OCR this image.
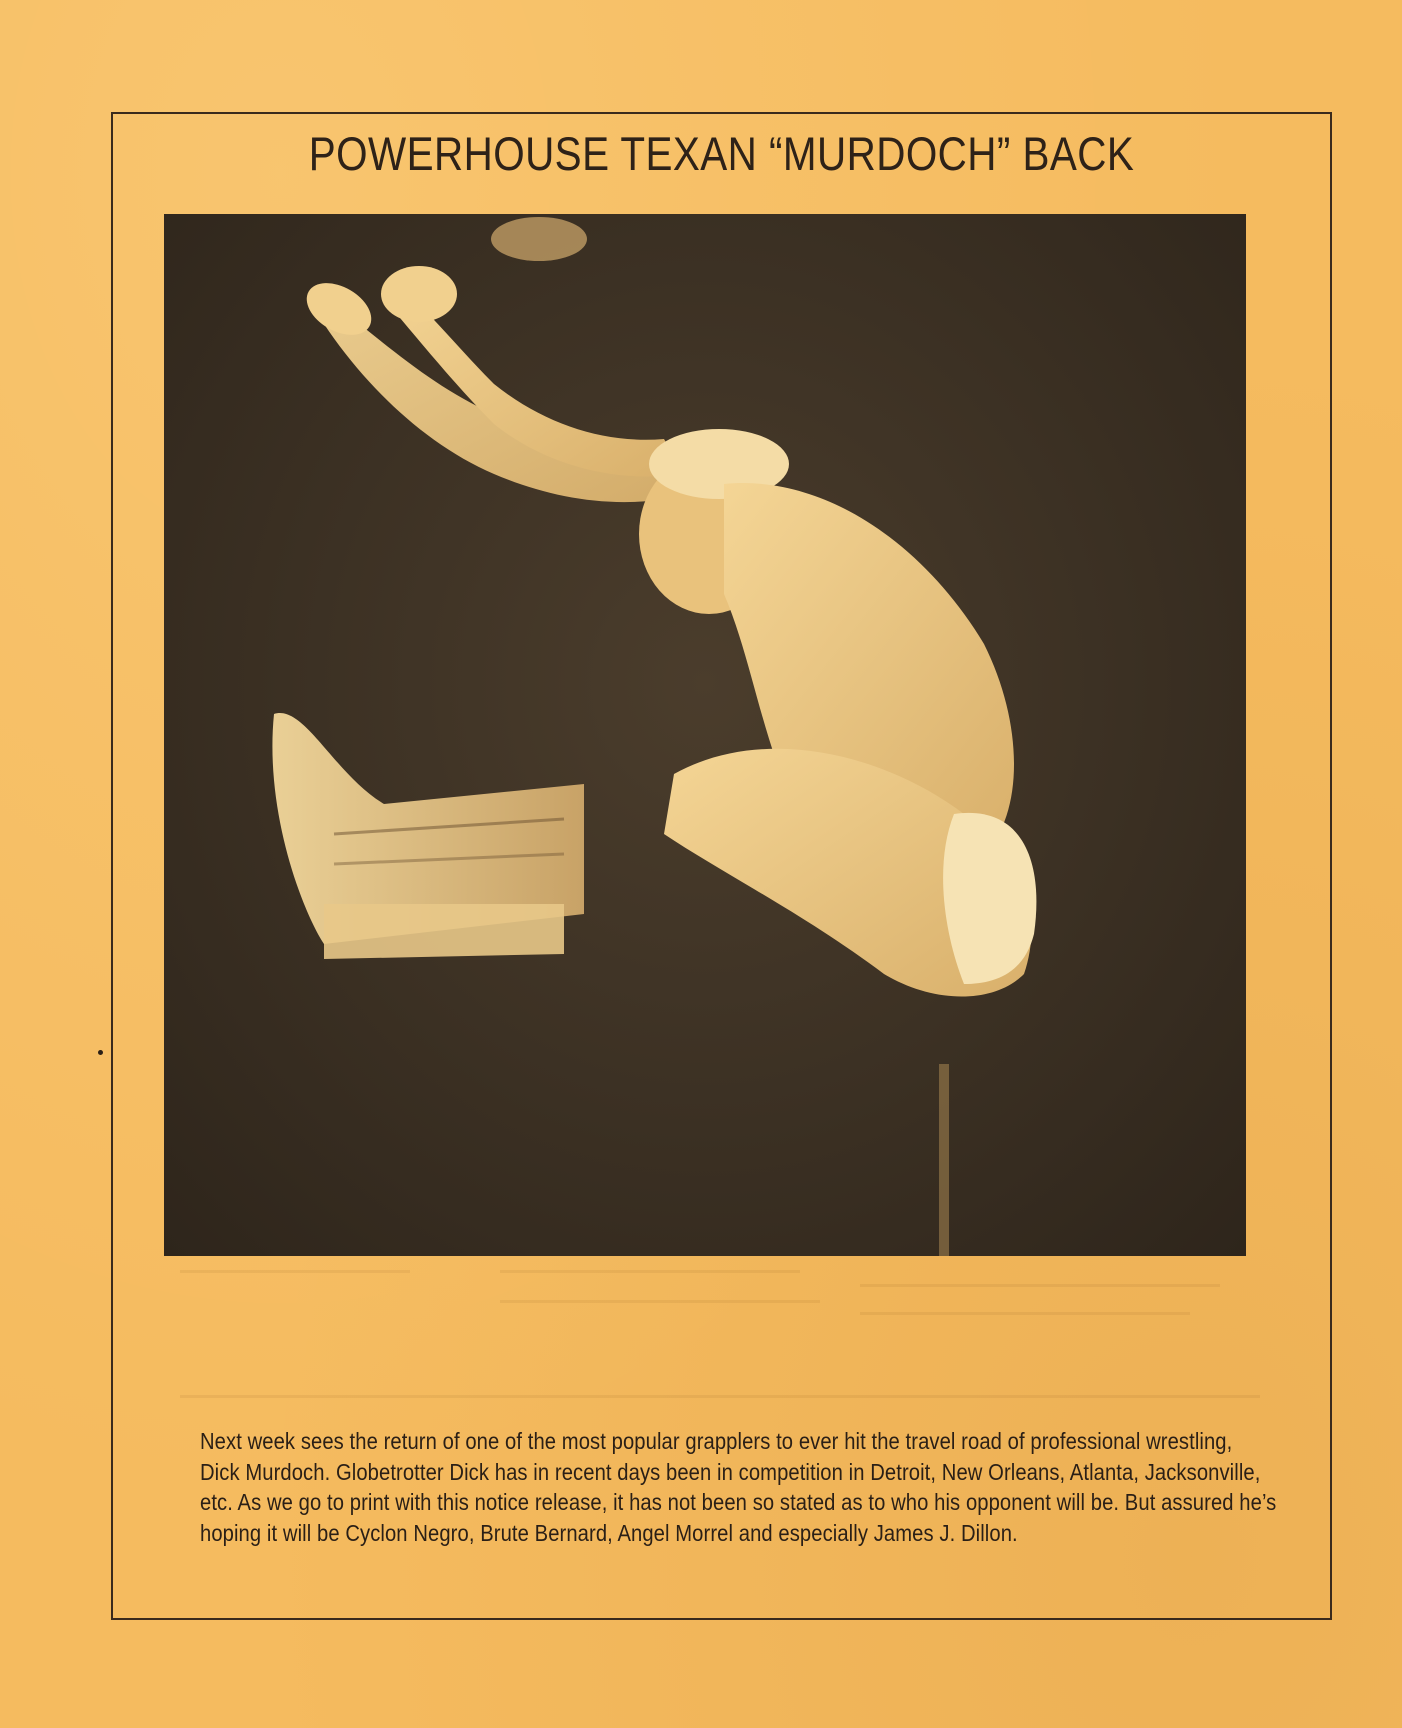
POWERHOUSE TEXAN “MURDOCH” BACK

Next week sees the return of one of the most popular grapplers to ever hit the travel road of professional wrestling, Dick Murdoch. Globetrotter Dick has in recent days been in competition in Detroit, New Orleans, Atlanta, Jacksonville, etc. As we go to print with this notice release, it has not been so stated as to who his opponent will be. But assured he’s hoping it will be Cyclon Negro, Brute Bernard, Angel Morrel and especially James J. Dillon.
